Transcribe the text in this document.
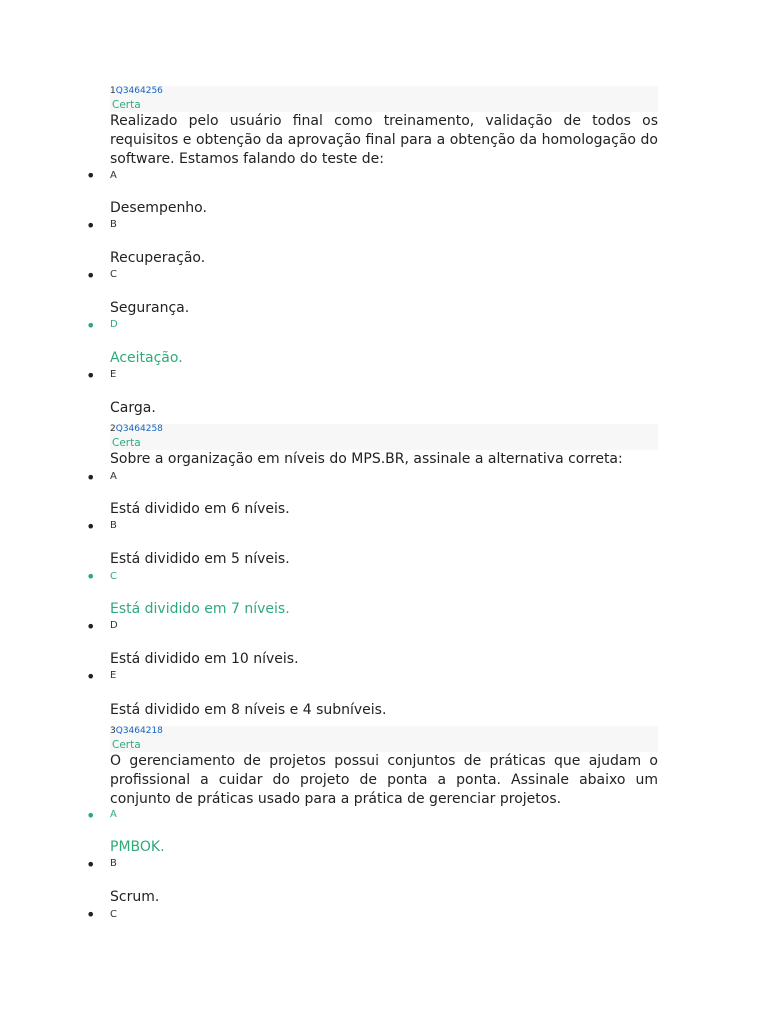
1Q3464256
Certa
Realizado pelo usuário final como treinamento, validação de todos os requisitos e obtenção da aprovação final para a obtenção da homologação do software. Estamos falando do teste de:
• A
Desempenho.
• B
Recuperação.
• C
Segurança.
• D
Aceitação.
• E
Carga.
2Q3464258
Certa
Sobre a organização em níveis do MPS.BR, assinale a alternativa correta:
• A
Está dividido em 6 níveis.
• B
Está dividido em 5 níveis.
• C
Está dividido em 7 níveis.
• D
Está dividido em 10 níveis.
• E
Está dividido em 8 níveis e 4 subníveis.
3Q3464218
Certa
O gerenciamento de projetos possui conjuntos de práticas que ajudam o profissional a cuidar do projeto de ponta a ponta. Assinale abaixo um conjunto de práticas usado para a prática de gerenciar projetos.
• A
PMBOK.
• B
Scrum.
• C
